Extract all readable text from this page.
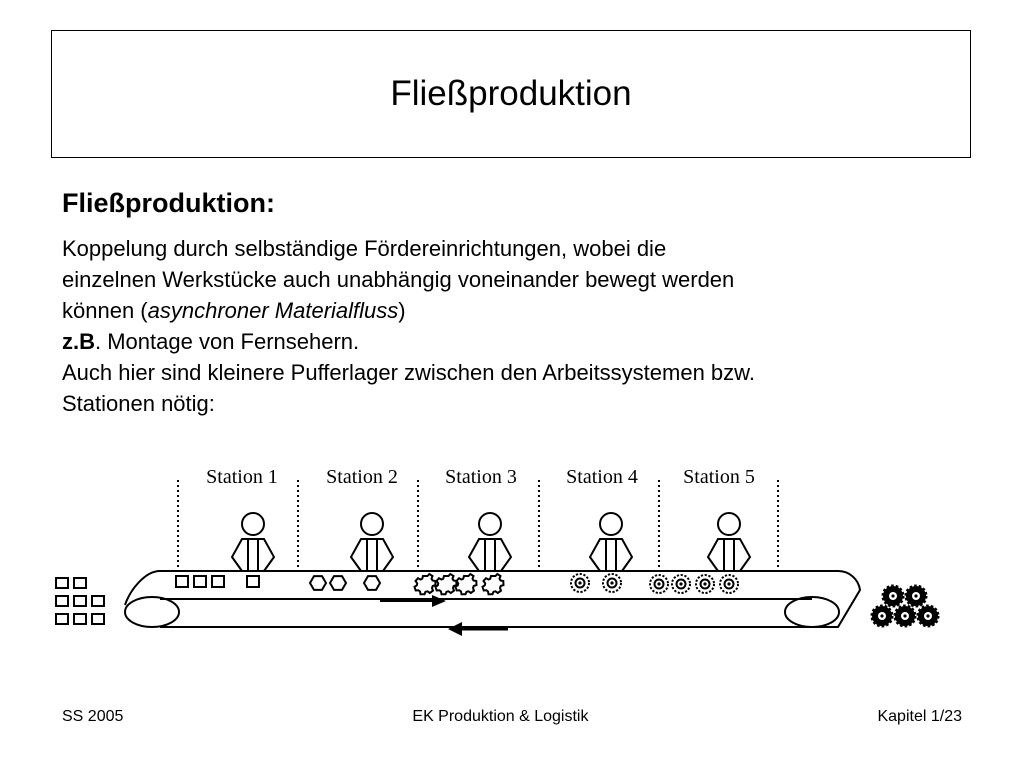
Fließproduktion

Fließproduktion:

Koppelung durch selbständige Fördereinrichtungen, wobei die
einzelnen Werkstücke auch unabhängig voneinander bewegt werden
können (asynchroner Materialfluss)
z.B. Montage von Fernsehern.
Auch hier sind kleinere Pufferlager zwischen den Arbeitssystemen bzw.
Stationen nötig:

Station 1 Station 2 Station 3 Station 4 Station 5
SS 2005	EK Produktion & Logistik	Kapitel 1/23
